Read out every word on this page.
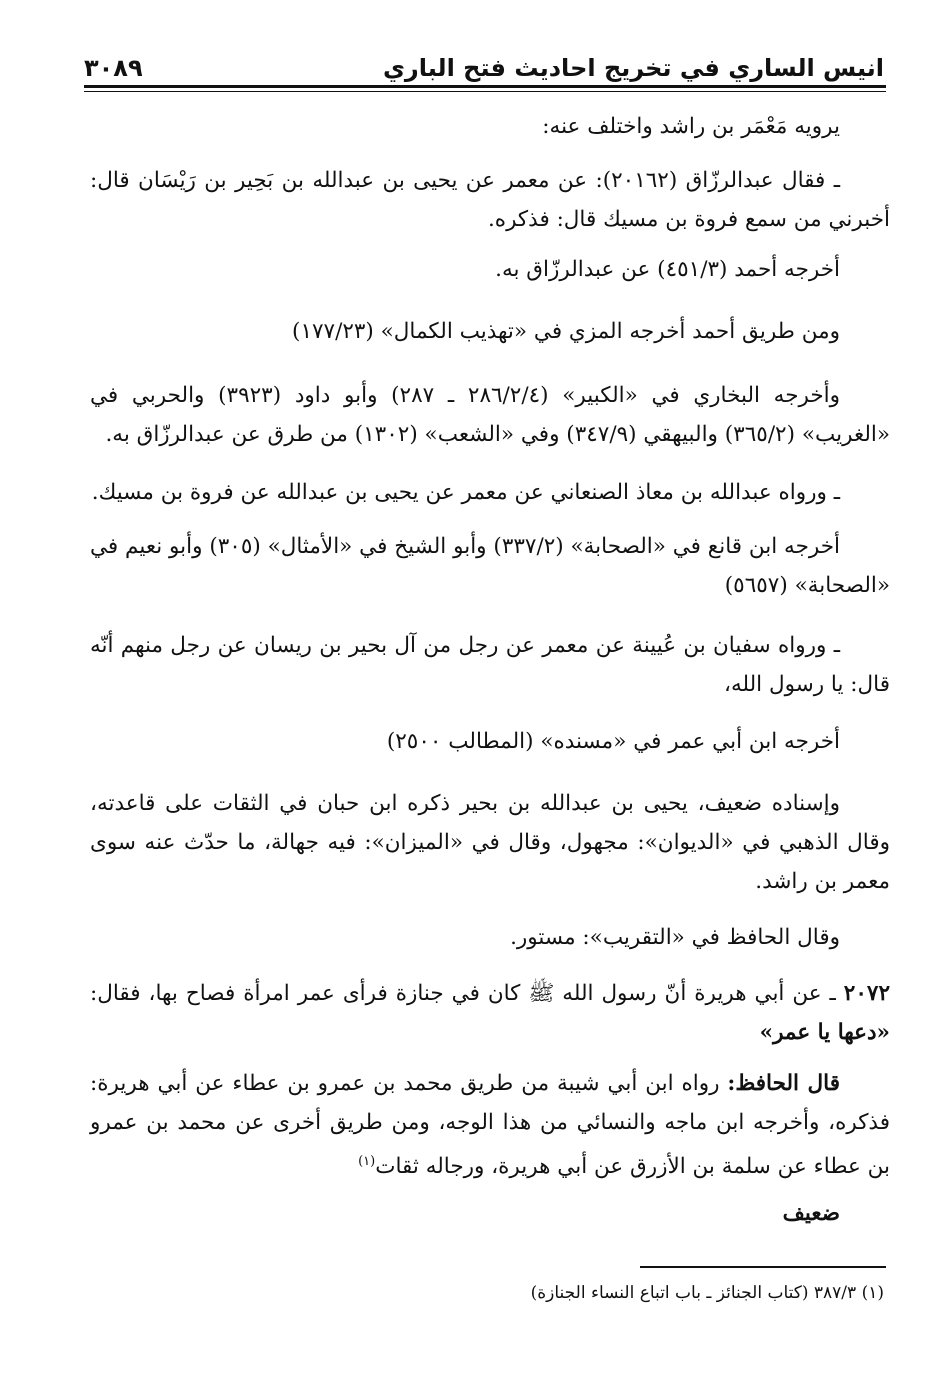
انيس الساري في تخريج احاديث فتح الباري
٣٠٨٩

يرويه مَعْمَر بن راشد واختلف عنه:

ـ فقال عبدالرزّاق (٢٠١٦٢): عن معمر عن يحيى بن عبدالله بن بَحِير بن رَيْسَان قال: أخبرني من سمع فروة بن مسيك قال: فذكره.

أخرجه أحمد (٤٥١/٣) عن عبدالرزّاق به.

ومن طريق أحمد أخرجه المزي في «تهذيب الكمال» (١٧٧/٢٣)

وأخرجه البخاري في «الكبير» (٢٨٦/٢/٤ ـ ٢٨٧) وأبو داود (٣٩٢٣) والحربي في «الغريب» (٣٦٥/٢) والبيهقي (٣٤٧/٩) وفي «الشعب» (١٣٠٢) من طرق عن عبدالرزّاق به.

ـ ورواه عبدالله بن معاذ الصنعاني عن معمر عن يحيى بن عبدالله عن فروة بن مسيك.

أخرجه ابن قانع في «الصحابة» (٣٣٧/٢) وأبو الشيخ في «الأمثال» (٣٠٥) وأبو نعيم في «الصحابة» (٥٦٥٧)

ـ ورواه سفيان بن عُيينة عن معمر عن رجل من آل بحير بن ريسان عن رجل منهم أنّه قال: يا رسول الله،

أخرجه ابن أبي عمر في «مسنده» (المطالب ٢٥٠٠)

وإسناده ضعيف، يحيى بن عبدالله بن بحير ذكره ابن حبان في الثقات على قاعدته، وقال الذهبي في «الديوان»: مجهول، وقال في «الميزان»: فيه جهالة، ما حدّث عنه سوى معمر بن راشد.

وقال الحافظ في «التقريب»: مستور.

٢٠٧٢ ـ عن أبي هريرة أنّ رسول الله ﷺ كان في جنازة فرأى عمر امرأة فصاح بها، فقال: «دعها يا عمر»

قال الحافظ: رواه ابن أبي شيبة من طريق محمد بن عمرو بن عطاء عن أبي هريرة: فذكره، وأخرجه ابن ماجه والنسائي من هذا الوجه، ومن طريق أخرى عن محمد بن عمرو بن عطاء عن سلمة بن الأزرق عن أبي هريرة، ورجاله ثقات$^{(١)}$

ضعيف

(١) ٣٨٧/٣ (كتاب الجنائز ـ باب اتباع النساء الجنازة)
